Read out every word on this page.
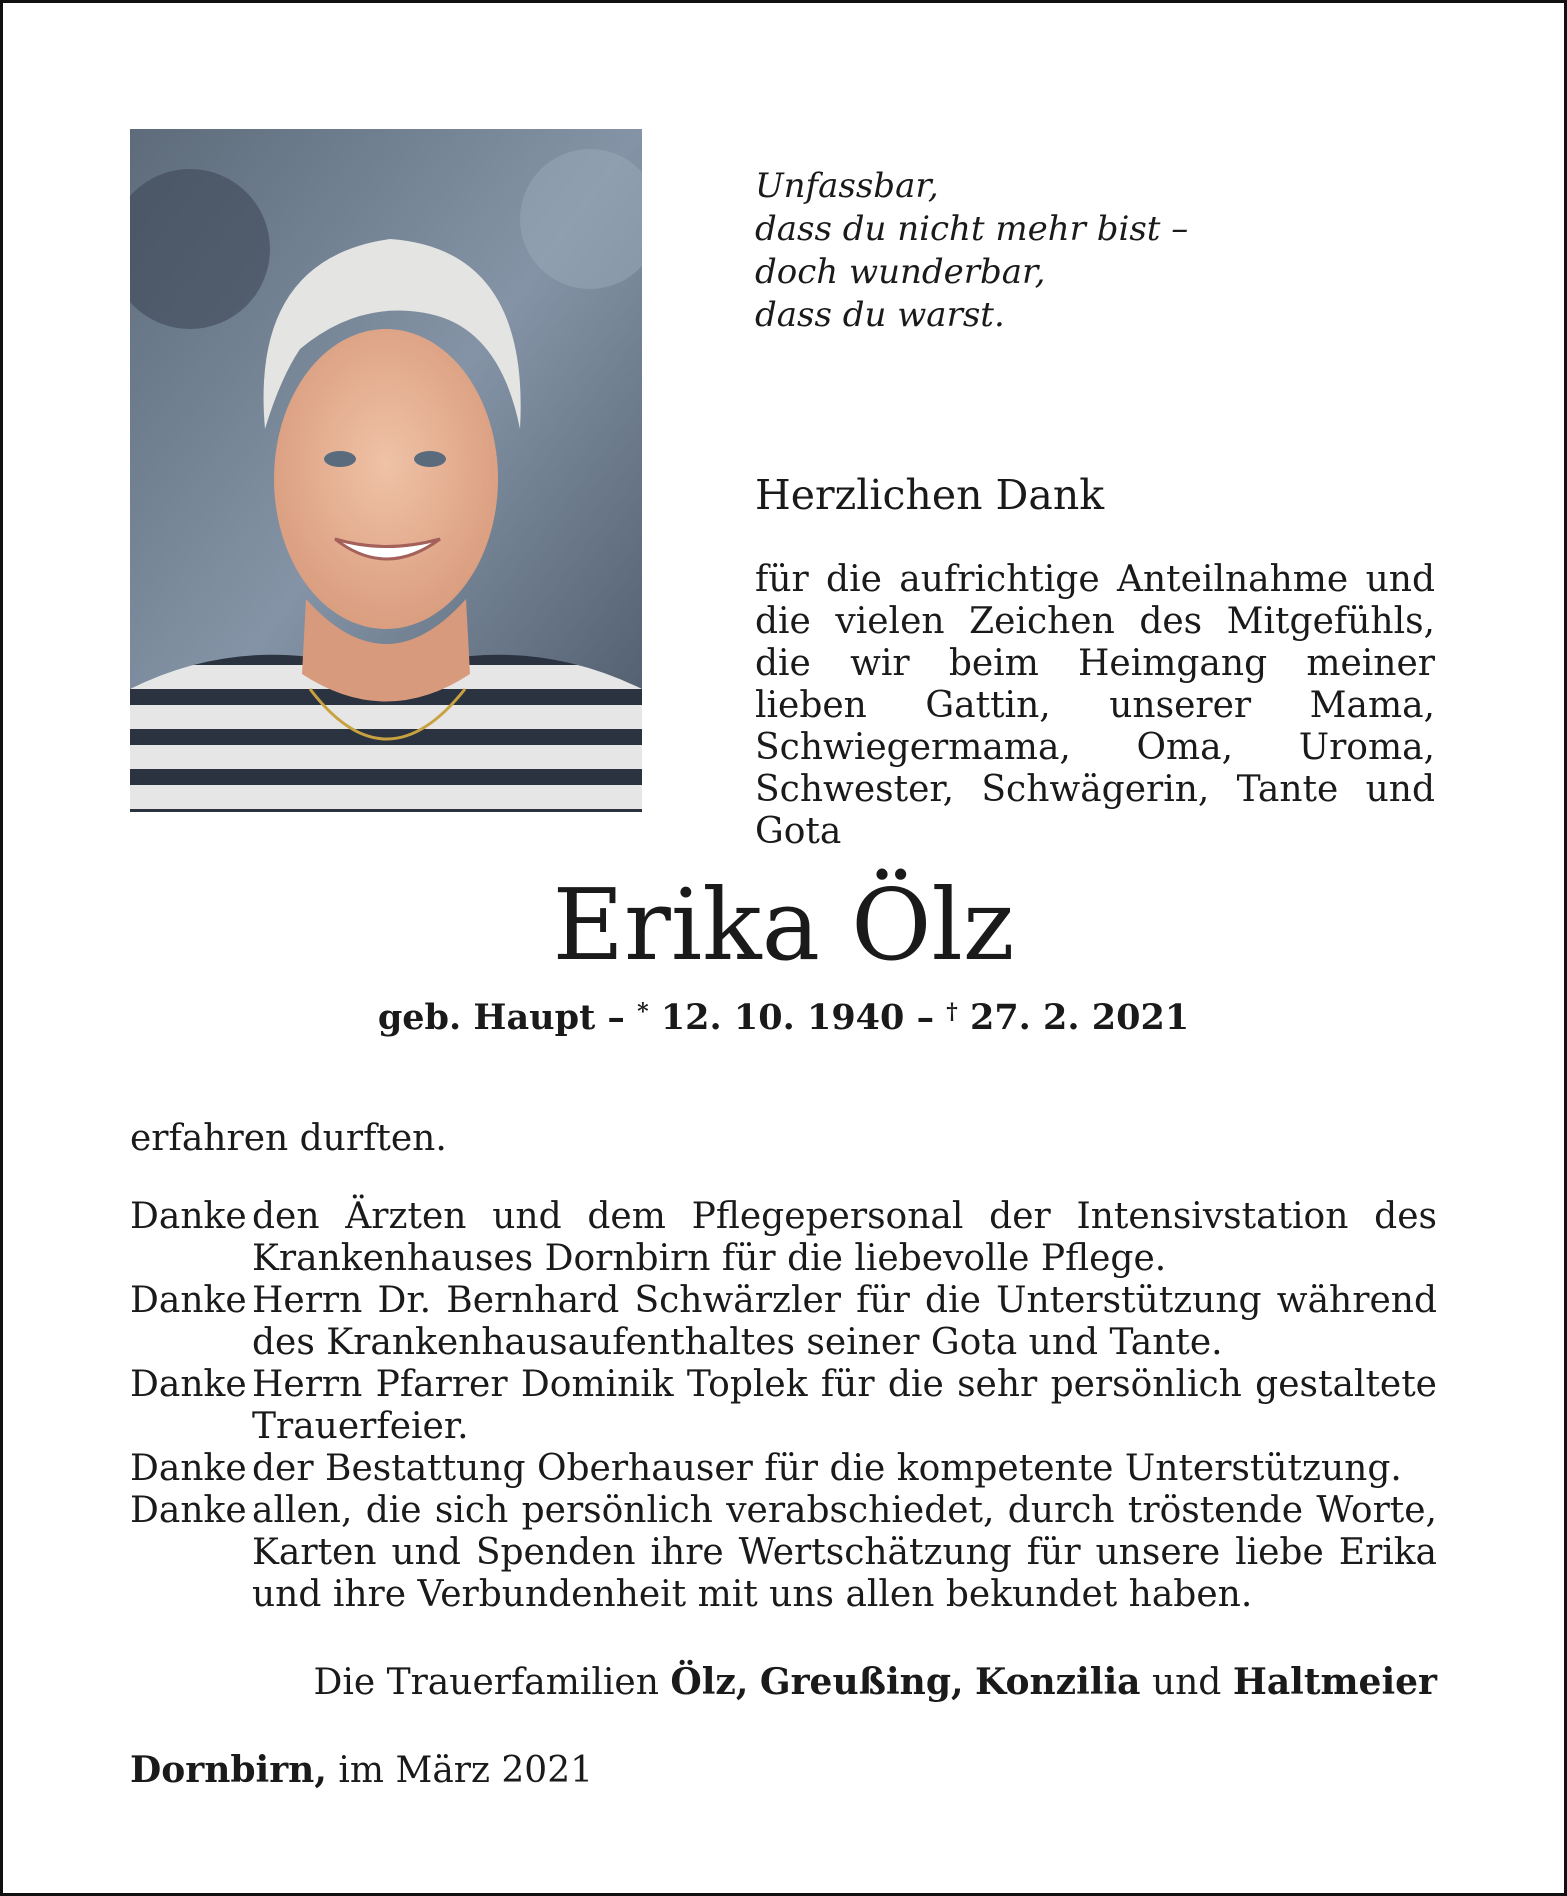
Unfassbar,
dass du nicht mehr bist –
doch wunderbar,
dass du warst.
Herzlichen Dank
für die aufrichtige Anteilnahme und die vielen Zeichen des Mitgefühls, die wir beim Heimgang meiner lieben Gattin, unserer Mama, Schwiegermama, Oma, Uroma, Schwester, Schwägerin, Tante und Gota
Erika Ölz
geb. Haupt – * 12. 10. 1940 – † 27. 2. 2021
erfahren durften.
Danke den Ärzten und dem Pflegepersonal der Intensivstation des Krankenhauses Dornbirn für die liebevolle Pflege.
Danke Herrn Dr. Bernhard Schwärzler für die Unterstützung während des Krankenhausaufenthaltes seiner Gota und Tante.
Danke Herrn Pfarrer Dominik Toplek für die sehr persönlich gestaltete Trauerfeier.
Danke der Bestattung Oberhauser für die kompetente Unterstützung.
Danke allen, die sich persönlich verabschiedet, durch tröstende Worte, Karten und Spenden ihre Wertschätzung für unsere liebe Erika und ihre Verbundenheit mit uns allen bekundet haben.
Die Trauerfamilien Ölz, Greußing, Konzilia und Haltmeier
Dornbirn, im März 2021
